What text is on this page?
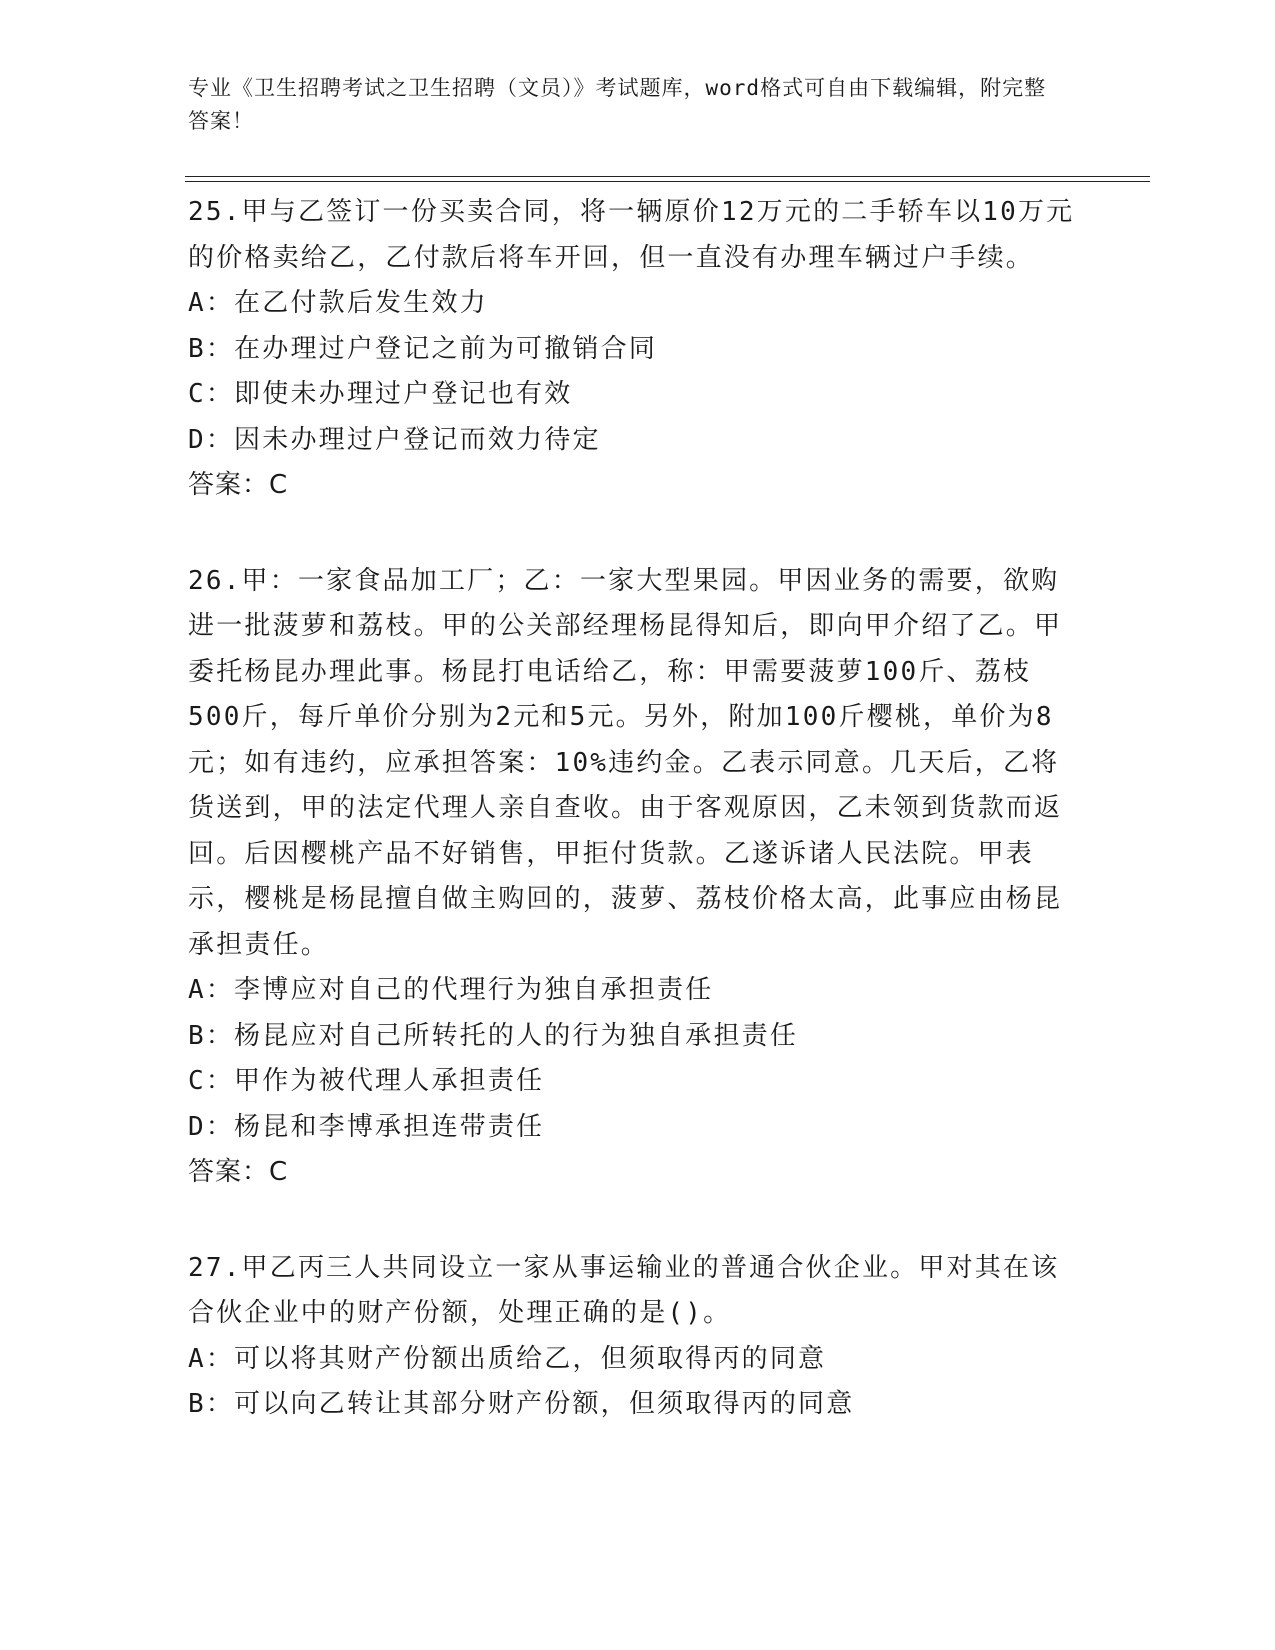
专业《卫生招聘考试之卫生招聘（文员）》考试题库，word格式可自由下载编辑，附完整答案！

25.甲与乙签订一份买卖合同，将一辆原价12万元的二手轿车以10万元的价格卖给乙，乙付款后将车开回，但一直没有办理车辆过户手续。

A：在乙付款后发生效力

B：在办理过户登记之前为可撤销合同

C：即使未办理过户登记也有效

D：因未办理过户登记而效力待定

答案：C

26.甲：一家食品加工厂；乙：一家大型果园。甲因业务的需要，欲购进一批菠萝和荔枝。甲的公关部经理杨昆得知后，即向甲介绍了乙。甲委托杨昆办理此事。杨昆打电话给乙，称：甲需要菠萝100斤、荔枝500斤，每斤单价分别为2元和5元。另外，附加100斤樱桃，单价为8元；如有违约，应承担答案：10%违约金。乙表示同意。几天后，乙将货送到，甲的法定代理人亲自查收。由于客观原因，乙未领到货款而返回。后因樱桃产品不好销售，甲拒付货款。乙遂诉诸人民法院。甲表示，樱桃是杨昆擅自做主购回的，菠萝、荔枝价格太高，此事应由杨昆承担责任。

A：李博应对自己的代理行为独自承担责任

B：杨昆应对自己所转托的人的行为独自承担责任

C：甲作为被代理人承担责任

D：杨昆和李博承担连带责任

答案：C

27.甲乙丙三人共同设立一家从事运输业的普通合伙企业。甲对其在该合伙企业中的财产份额，处理正确的是()。

A：可以将其财产份额出质给乙，但须取得丙的同意

B：可以向乙转让其部分财产份额，但须取得丙的同意
